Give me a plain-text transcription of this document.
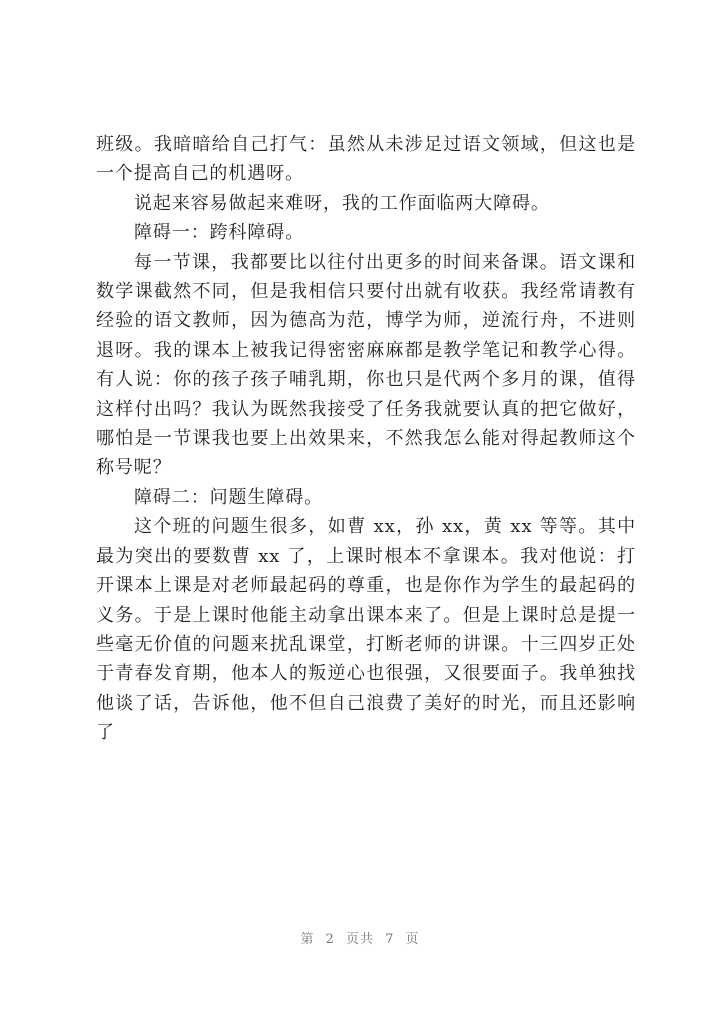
班级。我暗暗给自己打气：虽然从未涉足过语文领域，但这也是一个提高自己的机遇呀。

说起来容易做起来难呀，我的工作面临两大障碍。

障碍一：跨科障碍。

每一节课，我都要比以往付出更多的时间来备课。语文课和数学课截然不同，但是我相信只要付出就有收获。我经常请教有经验的语文教师，因为德高为范，博学为师，逆流行舟，不进则退呀。我的课本上被我记得密密麻麻都是教学笔记和教学心得。有人说：你的孩子孩子哺乳期，你也只是代两个多月的课，值得这样付出吗？我认为既然我接受了任务我就要认真的把它做好，哪怕是一节课我也要上出效果来，不然我怎么能对得起教师这个称号呢？

障碍二：问题生障碍。

这个班的问题生很多，如曹 xx，孙 xx，黄 xx 等等。其中最为突出的要数曹 xx 了，上课时根本不拿课本。我对他说：打开课本上课是对老师最起码的尊重，也是你作为学生的最起码的义务。于是上课时他能主动拿出课本来了。但是上课时总是提一些毫无价值的问题来扰乱课堂，打断老师的讲课。十三四岁正处于青春发育期，他本人的叛逆心也很强，又很要面子。我单独找他谈了话，告诉他，他不但自己浪费了美好的时光，而且还影响了

第 2 页共 7 页
